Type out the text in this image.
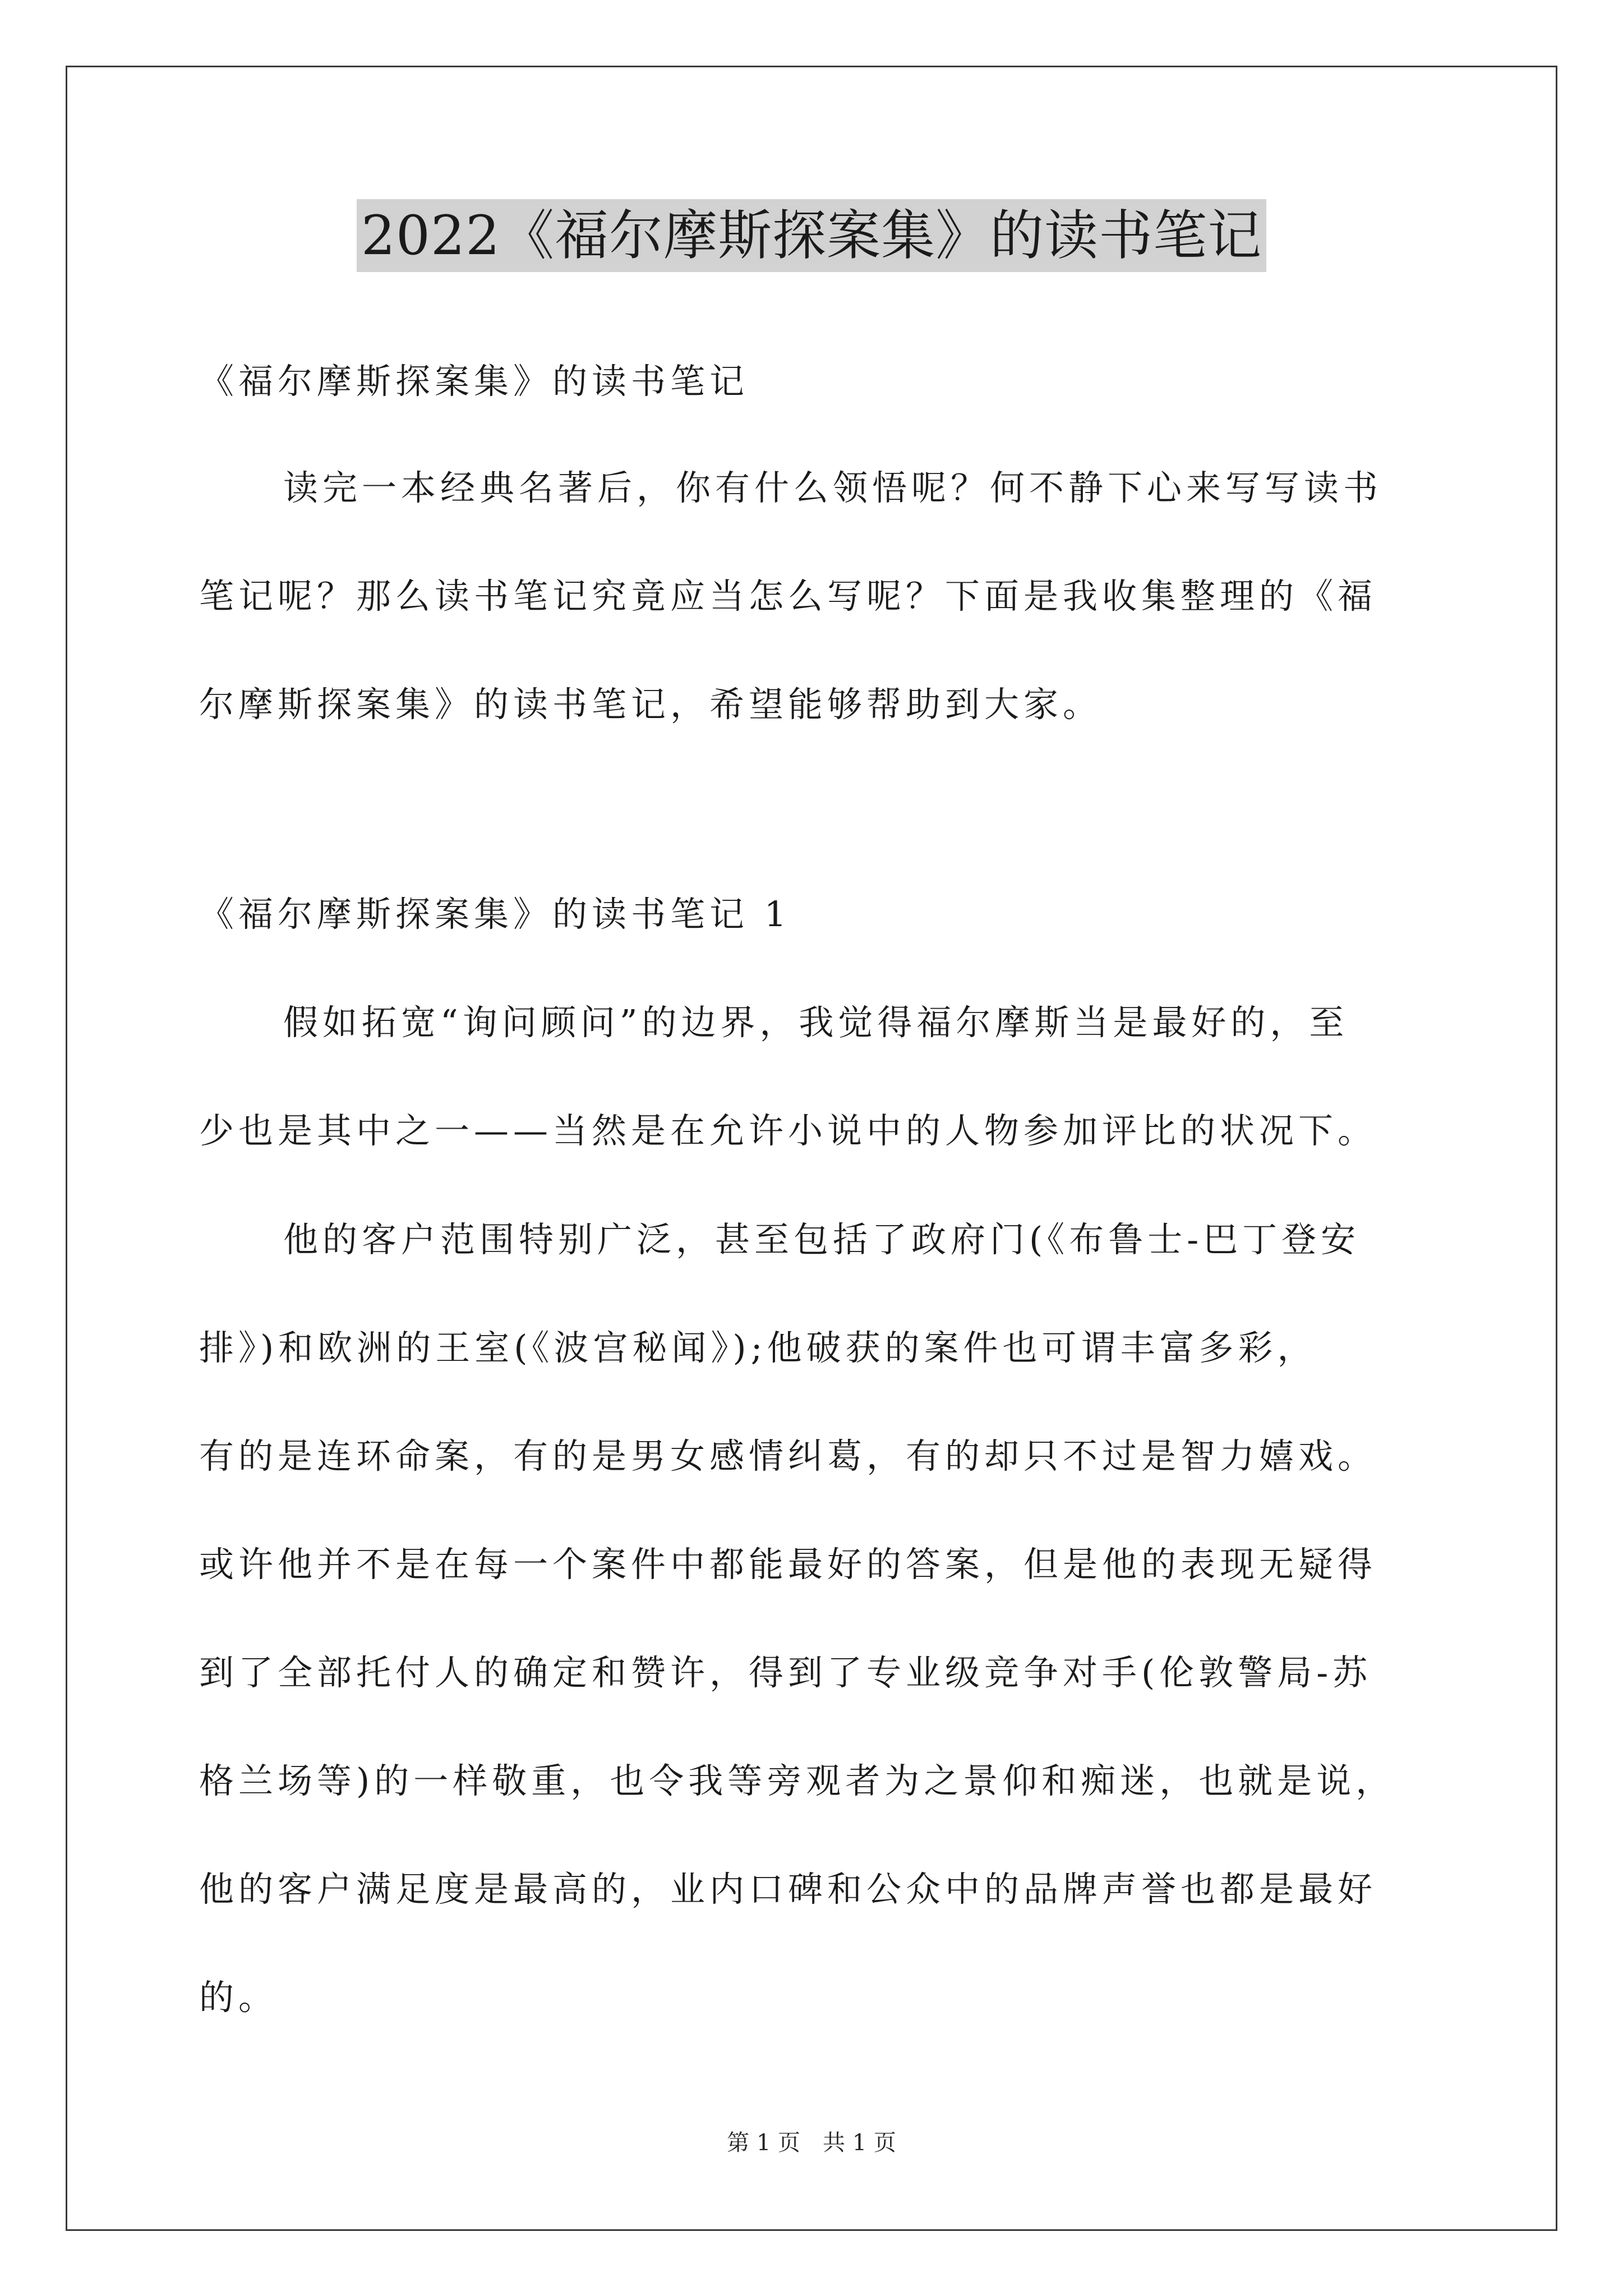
2022《福尔摩斯探案集》的读书笔记
《福尔摩斯探案集》的读书笔记
读完一本经典名著后，你有什么领悟呢？何不静下心来写写读书
笔记呢？那么读书笔记究竟应当怎么写呢？下面是我收集整理的《福
尔摩斯探案集》的读书笔记，希望能够帮助到大家。
《福尔摩斯探案集》的读书笔记 1
假如拓宽“询问顾问”的边界，我觉得福尔摩斯当是最好的，至
少也是其中之一——当然是在允许小说中的人物参加评比的状况下。
他的客户范围特别广泛，甚至包括了政府门(《布鲁士-巴丁登安
排》)和欧洲的王室(《波宫秘闻》);他破获的案件也可谓丰富多彩，
有的是连环命案，有的是男女感情纠葛，有的却只不过是智力嬉戏。
或许他并不是在每一个案件中都能最好的答案，但是他的表现无疑得
到了全部托付人的确定和赞许，得到了专业级竞争对手(伦敦警局-苏
格兰场等)的一样敬重，也令我等旁观者为之景仰和痴迷，也就是说，
他的客户满足度是最高的，业内口碑和公众中的品牌声誉也都是最好
的。
第 1 页　共 1 页
